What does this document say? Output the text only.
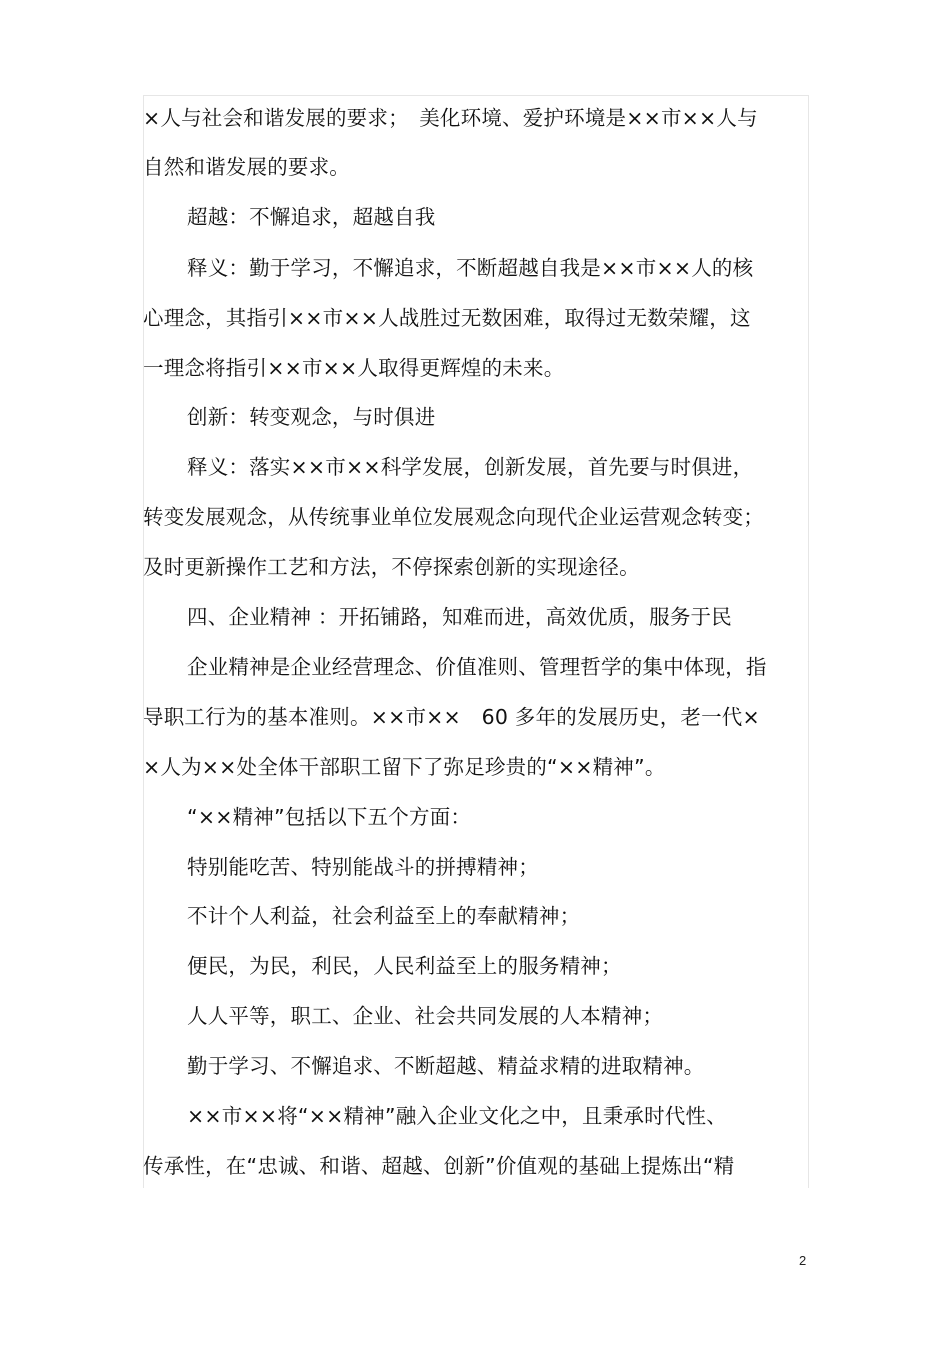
×人与社会和谐发展的要求；　美化环境、爱护环境是××市××人与
自然和谐发展的要求。
超越：不懈追求，超越自我
释义：勤于学习，不懈追求，不断超越自我是××市××人的核
心理念，其指引××市××人战胜过无数困难，取得过无数荣耀，这
一理念将指引××市××人取得更辉煌的未来。
创新：转变观念，与时俱进
释义：落实××市××科学发展，创新发展，首先要与时俱进，
转变发展观念，从传统事业单位发展观念向现代企业运营观念转变；
及时更新操作工艺和方法，不停探索创新的实现途径。
四、企业精神 ：开拓铺路，知难而进，高效优质，服务于民
企业精神是企业经营理念、价值准则、管理哲学的集中体现，指
导职工行为的基本准则。××市××　60 多年的发展历史，老一代×
×人为××处全体干部职工留下了弥足珍贵的“××精神”。
“××精神”包括以下五个方面：
特别能吃苦、特别能战斗的拼搏精神；
不计个人利益，社会利益至上的奉献精神；
便民，为民，利民，人民利益至上的服务精神；
人人平等，职工、企业、社会共同发展的人本精神；
勤于学习、不懈追求、不断超越、精益求精的进取精神。
××市××将“××精神”融入企业文化之中，且秉承时代性、
传承性，在“忠诚、和谐、超越、创新”价值观的基础上提炼出“精
2
